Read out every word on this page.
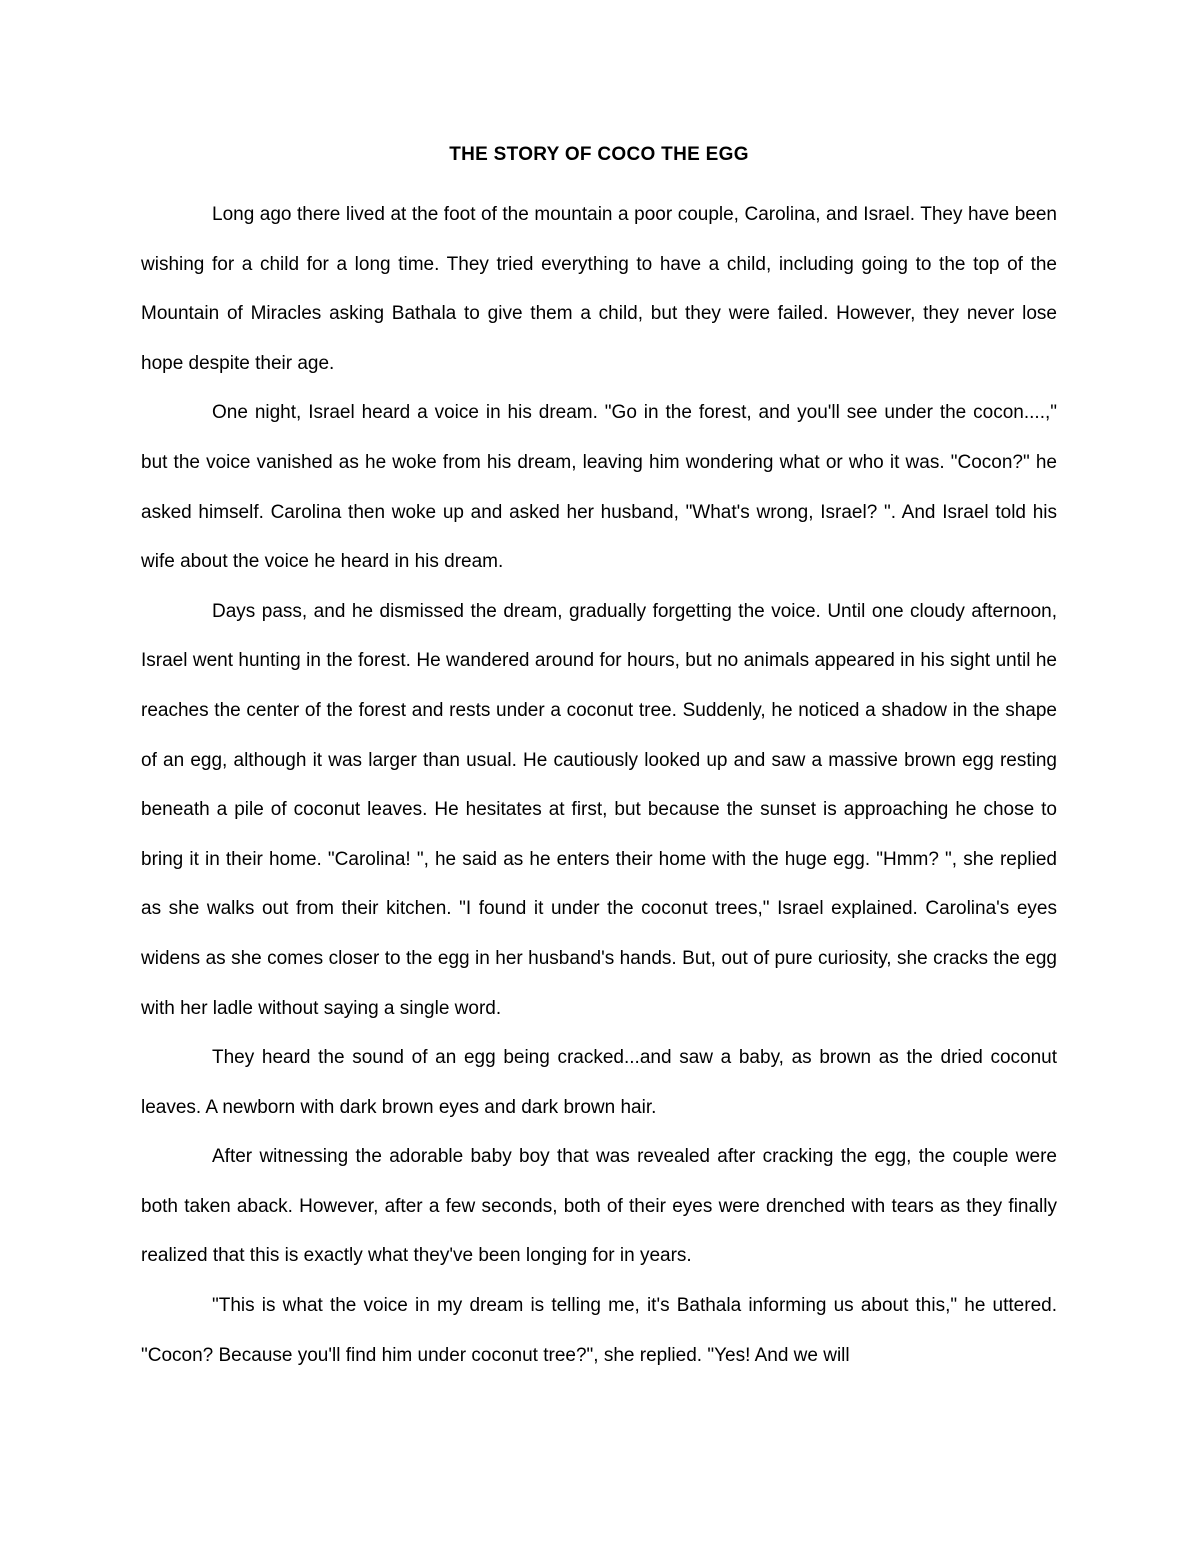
THE STORY OF COCO THE EGG

Long ago there lived at the foot of the mountain a poor couple, Carolina, and Israel. They have been wishing for a child for a long time. They tried everything to have a child, including going to the top of the Mountain of Miracles asking Bathala to give them a child, but they were failed. However, they never lose hope despite their age.

One night, Israel heard a voice in his dream. "Go in the forest, and you'll see under the cocon....," but the voice vanished as he woke from his dream, leaving him wondering what or who it was. "Cocon?" he asked himself. Carolina then woke up and asked her husband, "What's wrong, Israel? ". And Israel told his wife about the voice he heard in his dream.

Days pass, and he dismissed the dream, gradually forgetting the voice. Until one cloudy afternoon, Israel went hunting in the forest. He wandered around for hours, but no animals appeared in his sight until he reaches the center of the forest and rests under a coconut tree. Suddenly, he noticed a shadow in the shape of an egg, although it was larger than usual. He cautiously looked up and saw a massive brown egg resting beneath a pile of coconut leaves. He hesitates at first, but because the sunset is approaching he chose to bring it in their home. "Carolina! ", he said as he enters their home with the huge egg. "Hmm? ", she replied as she walks out from their kitchen. "I found it under the coconut trees," Israel explained. Carolina's eyes widens as she comes closer to the egg in her husband's hands. But, out of pure curiosity, she cracks the egg with her ladle without saying a single word.

They heard the sound of an egg being cracked...and saw a baby, as brown as the dried coconut leaves. A newborn with dark brown eyes and dark brown hair.

After witnessing the adorable baby boy that was revealed after cracking the egg, the couple were both taken aback. However, after a few seconds, both of their eyes were drenched with tears as they finally realized that this is exactly what they've been longing for in years.

"This is what the voice in my dream is telling me, it's Bathala informing us about this," he uttered. "Cocon? Because you'll find him under coconut tree?", she replied. "Yes! And we will
